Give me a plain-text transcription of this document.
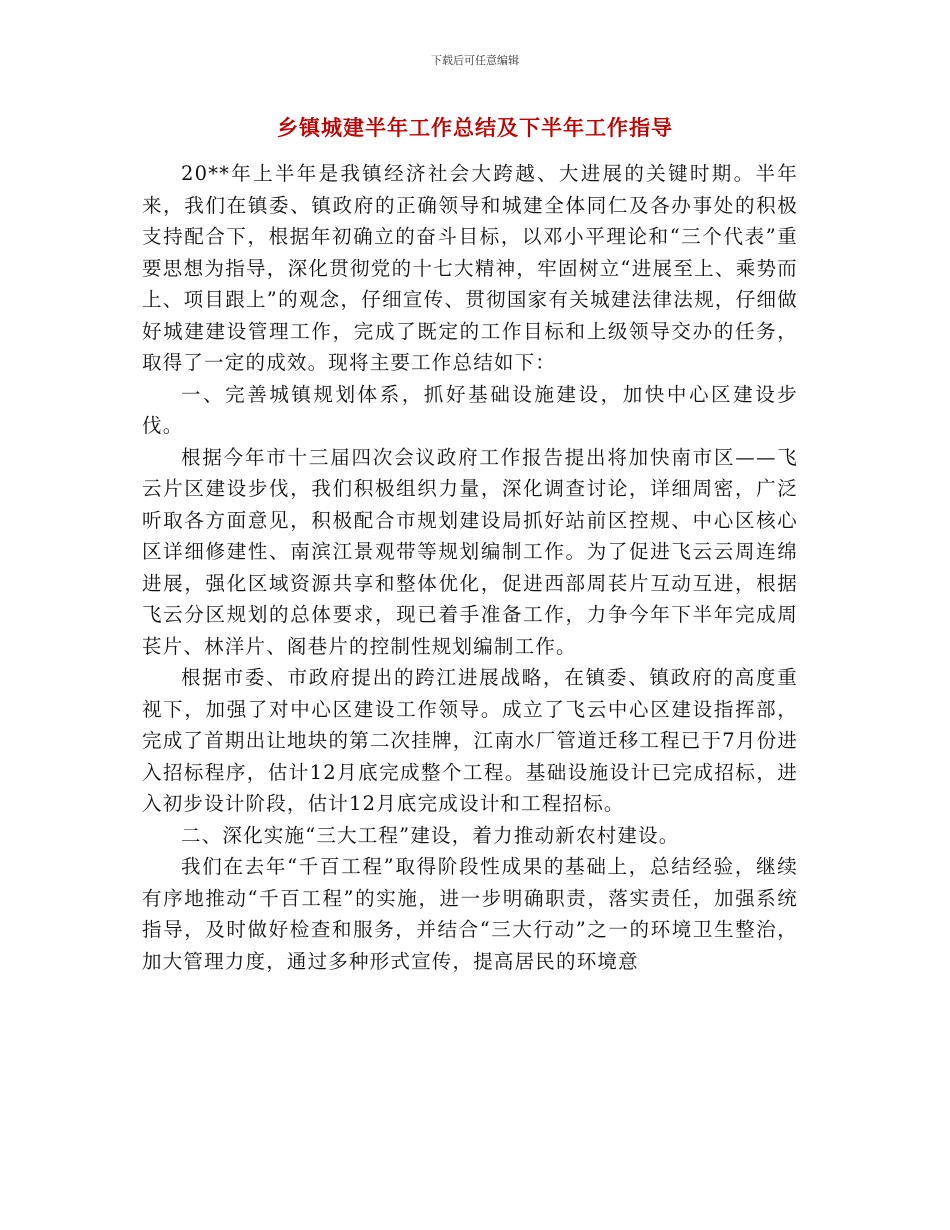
下载后可任意编辑
乡镇城建半年工作总结及下半年工作指导

20**年上半年是我镇经济社会大跨越、大进展的关键时期。半年来，我们在镇委、镇政府的正确领导和城建全体同仁及各办事处的积极支持配合下，根据年初确立的奋斗目标，以邓小平理论和“三个代表”重要思想为指导，深化贯彻党的十七大精神，牢固树立“进展至上、乘势而上、项目跟上”的观念，仔细宣传、贯彻国家有关城建法律法规，仔细做好城建建设管理工作，完成了既定的工作目标和上级领导交办的任务，取得了一定的成效。现将主要工作总结如下：

一、完善城镇规划体系，抓好基础设施建设，加快中心区建设步伐。

根据今年市十三届四次会议政府工作报告提出将加快南市区——飞云片区建设步伐，我们积极组织力量，深化调查讨论，详细周密，广泛听取各方面意见，积极配合市规划建设局抓好站前区控规、中心区核心区详细修建性、南滨江景观带等规划编制工作。为了促进飞云云周连绵进展，强化区域资源共享和整体优化，促进西部周苌片互动互进，根据飞云分区规划的总体要求，现已着手准备工作，力争今年下半年完成周苌片、林洋片、阁巷片的控制性规划编制工作。

根据市委、市政府提出的跨江进展战略，在镇委、镇政府的高度重视下，加强了对中心区建设工作领导。成立了飞云中心区建设指挥部，完成了首期出让地块的第二次挂牌，江南水厂管道迁移工程已于7月份进入招标程序，估计12月底完成整个工程。基础设施设计已完成招标，进入初步设计阶段，估计12月底完成设计和工程招标。

二、深化实施“三大工程”建设，着力推动新农村建设。

我们在去年“千百工程”取得阶段性成果的基础上，总结经验，继续有序地推动“千百工程”的实施，进一步明确职责，落实责任，加强系统指导，及时做好检查和服务，并结合“三大行动”之一的环境卫生整治，加大管理力度，通过多种形式宣传，提高居民的环境意
